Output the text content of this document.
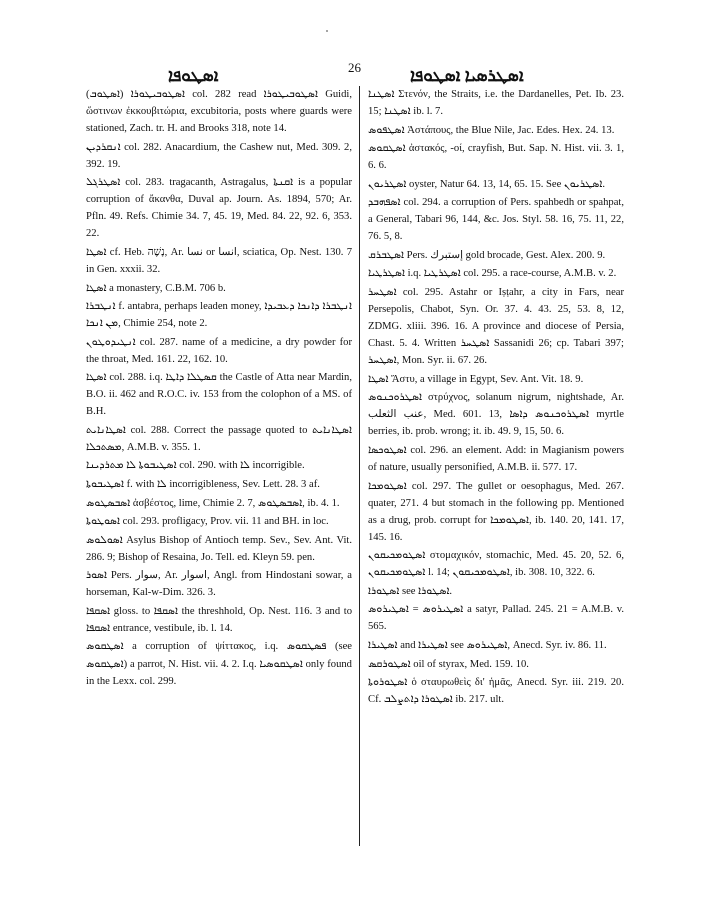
ܐܣܛܘܦܐ	26	ܐܣܛܪܣܝܐ ܐܣܛܘܦܐ

ܐܣܛܘܒܝܛܘܪܐ (ܐܣܛܘܒ) col. 282 read ܐܣܛܘܒܝܛܘܪܐ Guidi, ὥστινων ἐκκουβιτώρια, excubitoria, posts where guards were stationed, Zach. tr. H. and Brooks 318, note 14.

ܐܢܩܪܕܝܢ col. 282. Anacardium, the Cashew nut, Med. 309. 2, 392. 19.

ܐܣܛܪܓܠ col. 283. tragacanth, Astragalus, ܐܩܢܬܐ is a popular corruption of ἄκανθα, Duval ap. Journ. As. 1894, 570; Ar. Pfln. 49. Refs. Chimie 34. 7, 45. 19, Med. 84. 22, 92. 6, 353. 22.

ܐܣܛܐ cf. Heb. נָשֶׁה, Ar. نسا or انسا, sciatica, Op. Nest. 130. 7 in Gen. xxxii. 32.

ܐܣܛܐ a monastery, C.B.M. 706 b.

ܐܢܛܒܪܐ f. antabra, perhaps leaden money, ܐܢܛܒܪܐ ܕܐܢܟܐ ܕܥܒܝܕܐ ܡܢ ܐܢܟܐ, Chimie 254, note 2.

ܐܢܛܝܕܘܛܘܢ col. 287. name of a medicine, a dry powder for the throat, Med. 161. 22, 162. 10.

ܐܣܛܐ col. 288. i.q. ܩܣܛܠܐ ܕܐܛܐ the Castle of Atta near Mardin, B.O. ii. 462 and R.O.C. iv. 153 from the colophon of a MS. of B.H.

ܐܣܛܐܢܐܝܬ col. 288. Correct the passage quoted to ܐܣܛܐܢܐܝܬ ܡܣܬܟܠܐ, A.M.B. v. 355. 1.

ܐܣܛܝܒܘܬܐ ܠܐ ܡܬܪܕܝܢܐ col. 290. with ܠܐ incorrigible.

ܐܣܛܝܒܘܬܐ f. with ܠܐ incorrigibleness, Sev. Lett. 28. 3 af.

ܐܣܒܣܛܘܣ ἀσβέστος, lime, Chimie 2. 7, ܐܣܒܣܛܘܣ, ib. 4. 1.

ܐܣܘܛܘܬܐ col. 293. profligacy, Prov. vii. 11 and BH. in loc.

ܐܣܘܠܘܣ Asylus Bishop of Antioch temp. Sev., Sev. Ant. Vit. 286. 9; Bishop of Resaina, Jo. Tell. ed. Kleyn 59. pen.

ܐܣܘܪ Pers. سوار, Ar. اسوار, Angl. from Hindostani sowar, a horseman, Kal-w-Dim. 326. 3.

ܐܣܩܦܐ gloss. to ܐܣܩܦܐ the threshhold, Op. Nest. 116. 3 and to ܐܣܩܦܐ entrance, vestibule, ib. l. 14.

ܐܣܛܩܘܣ a corruption of ψίττακος, i.q. ܦܣܛܩܘܣ (see ܐܣܛܩܘܣ) a parrot, N. Hist. vii. 4. 2. I.q. ܐܣܛܩܘܣܝܐ only found in the Lexx. col. 299.

ܐܣܛܢܐ Στενόν, the Straits, i.e. the Dardanelles, Pet. Ib. 23. 15; ܐܣܛܢܐ ib. l. 7.

ܐܣܛܦܘܣ Ἀστάπους, the Blue Nile, Jac. Edes. Hex. 24. 13.

ܐܣܛܩܘܣ ἀστακός, -οί, crayfish, But. Sap. N. Hist. vii. 3. 1, 6. 6.

ܐܣܛܪܝܘܢ oyster, Natur 64. 13, 14, 65. 15. See ܐܣܛܪܝܘܢ.

ܐܣܦܗܒܕ col. 294. a corruption of Pers. spahbedh or spahpat, a General, Tabari 96, 144, &c. Jos. Styl. 58. 16, 75. 11, 22, 76. 5, 8.

ܐܣܛܒܪܩ Pers. إستبرك gold brocade, Gest. Alex. 200. 9.

ܐܣܛܪܛܝܐ i.q. ܐܣܛܪܛܝܐ col. 295. a race-course, A.M.B. v. 2.

ܐܣܛܚܪ col. 295. Astahr or Iṣṭahr, a city in Fars, near Persepolis, Chabot, Syn. Or. 37. 4. 43. 25, 53. 8, 12, ZDMG. xliii. 396. 16. A province and diocese of Persia, Chast. 5. 4. Written ܐܣܛܚܪ Sassanidi 26; cp. Tabari 397; ܐܣܛܚܪ, Mon. Syr. ii. 67. 26.

ܐܣܛܐ Ἄστυ, a village in Egypt, Sev. Ant. Vit. 18. 9.

ܐܣܛܪܘܟܢܘܣ στρύχνος, solanum nigrum, nightshade, Ar. عنب الثعلب, Med. 601. 13, ܐܣܛܪܘܟܢܘܣ ܕܐܣܐ myrtle berries, ib. prob. wrong; it. ib. 49. 9, 15, 50. 6.

ܐܣܛܘܟܣܐ col. 296. an element. Add: in Magianism powers of nature, usually personified, A.M.B. ii. 577. 17.

ܐܣܛܘܡܟܐ col. 297. The gullet or oesophagus, Med. 267. quater, 271. 4 but stomach in the following pp. Mentioned as a drug, prob. corrupt for ܐܣܛܘܡܟܐ, ib. 140. 20, 141. 17, 145. 16.

ܐܣܛܘܡܟܝܩܘܢ στομαχικόν, stomachic, Med. 45. 20, 52. 6, ܐܣܛܘܡܟܝܩܘܢ l. 14; ܐܣܛܘܡܟܝܩܘܢ, ib. 308. 10, 322. 6.

ܐܣܛܘܪܐ see ܐܣܛܘܪܐ.

ܐܣܛܝܪܘܣ = ܐܣܛܝܪܘܣ a satyr, Pallad. 245. 21 = A.M.B. v. 565.

ܐܣܛܝܪܐ and ܐܣܛܝܪܐ see ܐܣܛܝܪܘܣ, Anecd. Syr. iv. 86. 11.

ܐܣܛܘܪܩܣ oil of styrax, Med. 159. 10.

ܐܣܛܘܪܘܬܐ ὁ σταυρωθεὶς δι' ἡμᾶς, Anecd. Syr. iii. 219. 20. Cf. ܐܣܛܘܪܐ ܕܐܬܨܠܒ ib. 217. ult.
